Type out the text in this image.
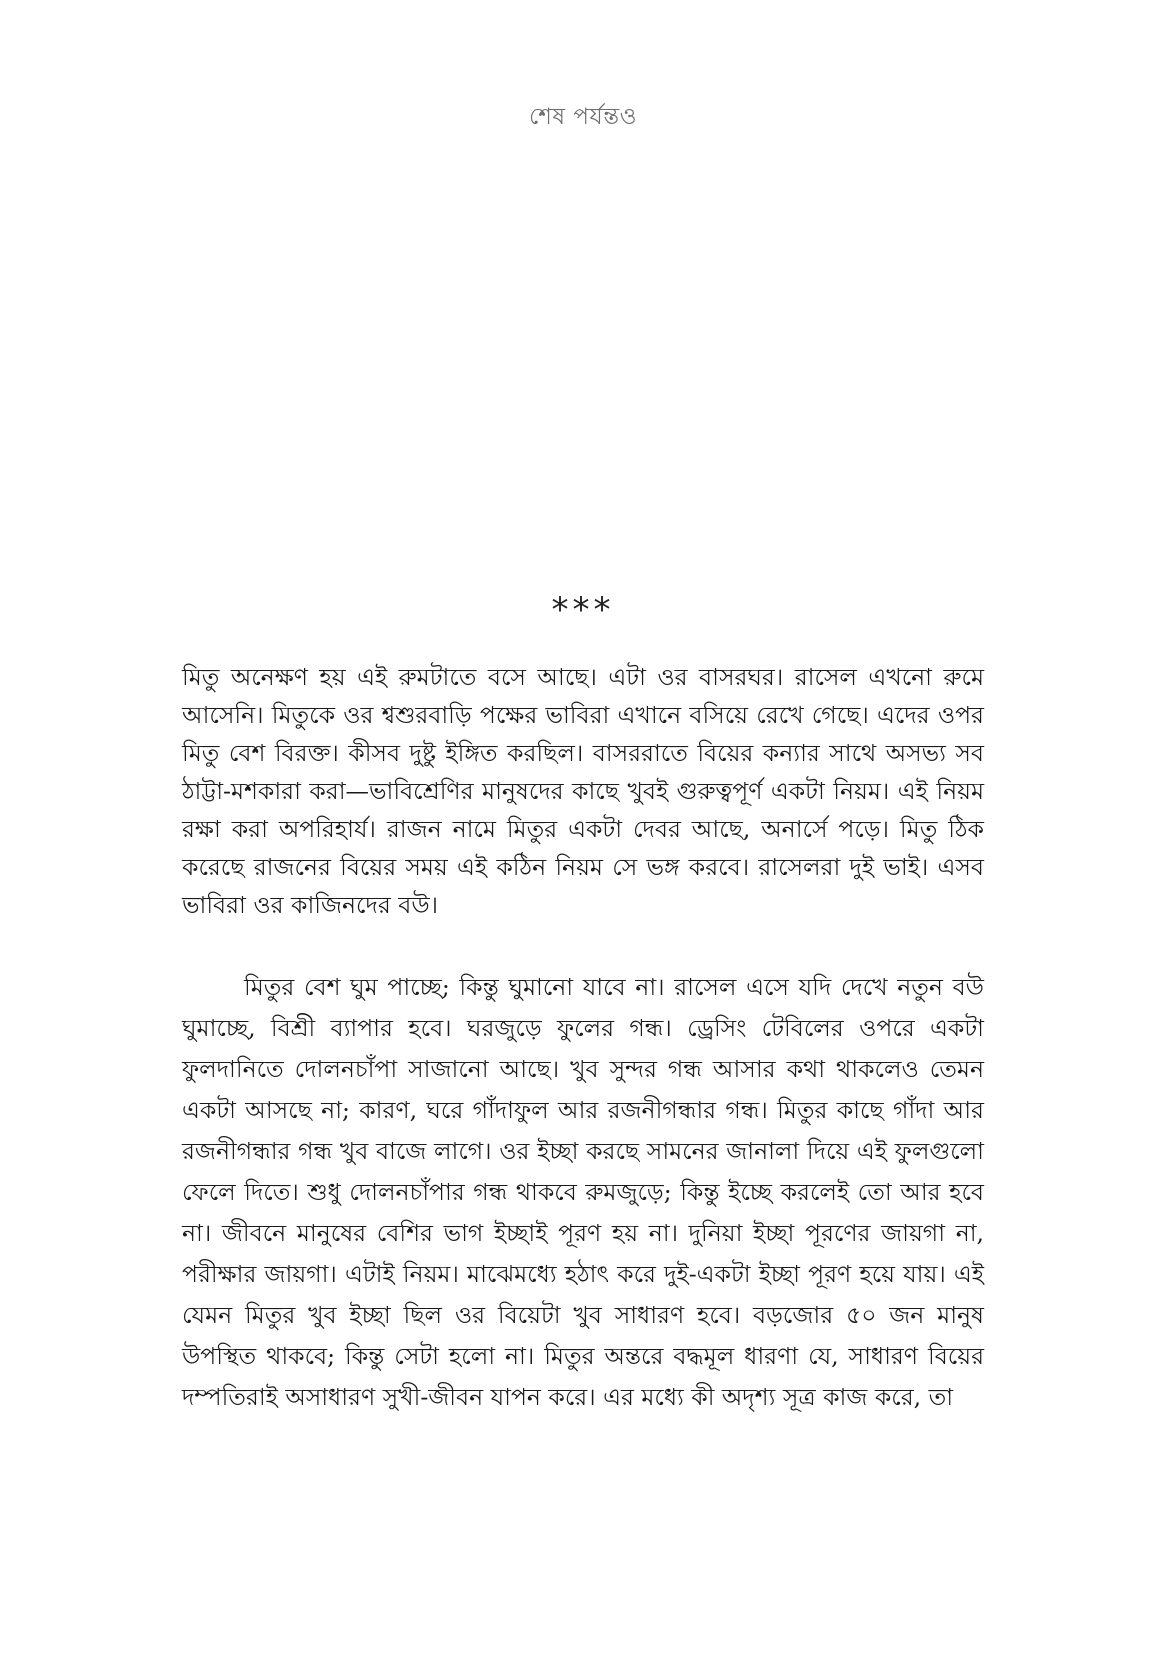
শেষ পর্যন্তও
***

মিতু অনেক্ষণ হয় এই রুমটাতে বসে আছে। এটা ওর বাসরঘর। রাসেল এখনো রুমে আসেনি। মিতুকে ওর শ্বশুরবাড়ি পক্ষের ভাবিরা এখানে বসিয়ে রেখে গেছে। এদের ওপর মিতু বেশ বিরক্ত। কীসব দুষ্টু ইঙ্গিত করছিল। বাসররাতে বিয়ের কন্যার সাথে অসভ্য সব ঠাট্টা-মশকারা করা—ভাবিশ্রেণির মানুষদের কাছে খুবই গুরুত্বপূর্ণ একটা নিয়ম। এই নিয়ম রক্ষা করা অপরিহার্য। রাজন নামে মিতুর একটা দেবর আছে, অনার্সে পড়ে। মিতু ঠিক করেছে রাজনের বিয়ের সময় এই কঠিন নিয়ম সে ভঙ্গ করবে। রাসেলরা দুই ভাই। এসব ভাবিরা ওর কাজিনদের বউ।

মিতুর বেশ ঘুম পাচ্ছে; কিন্তু ঘুমানো যাবে না। রাসেল এসে যদি দেখে নতুন বউ ঘুমাচ্ছে, বিশ্রী ব্যাপার হবে। ঘরজুড়ে ফুলের গন্ধ। ড্রেসিং টেবিলের ওপরে একটা ফুলদানিতে দোলনচাঁপা সাজানো আছে। খুব সুন্দর গন্ধ আসার কথা থাকলেও তেমন একটা আসছে না; কারণ, ঘরে গাঁদাফুল আর রজনীগন্ধার গন্ধ। মিতুর কাছে গাঁদা আর রজনীগন্ধার গন্ধ খুব বাজে লাগে। ওর ইচ্ছা করছে সামনের জানালা দিয়ে এই ফুলগুলো ফেলে দিতে। শুধু দোলনচাঁপার গন্ধ থাকবে রুমজুড়ে; কিন্তু ইচ্ছে করলেই তো আর হবে না। জীবনে মানুষের বেশির ভাগ ইচ্ছাই পূরণ হয় না। দুনিয়া ইচ্ছা পূরণের জায়গা না, পরীক্ষার জায়গা। এটাই নিয়ম। মাঝেমধ্যে হঠাৎ করে দুই-একটা ইচ্ছা পূরণ হয়ে যায়। এই যেমন মিতুর খুব ইচ্ছা ছিল ওর বিয়েটা খুব সাধারণ হবে। বড়জোর ৫০ জন মানুষ উপস্থিত থাকবে; কিন্তু সেটা হলো না। মিতুর অন্তরে বদ্ধমূল ধারণা যে, সাধারণ বিয়ের দম্পতিরাই অসাধারণ সুখী-জীবন যাপন করে। এর মধ্যে কী অদৃশ্য সূত্র কাজ করে, তা
